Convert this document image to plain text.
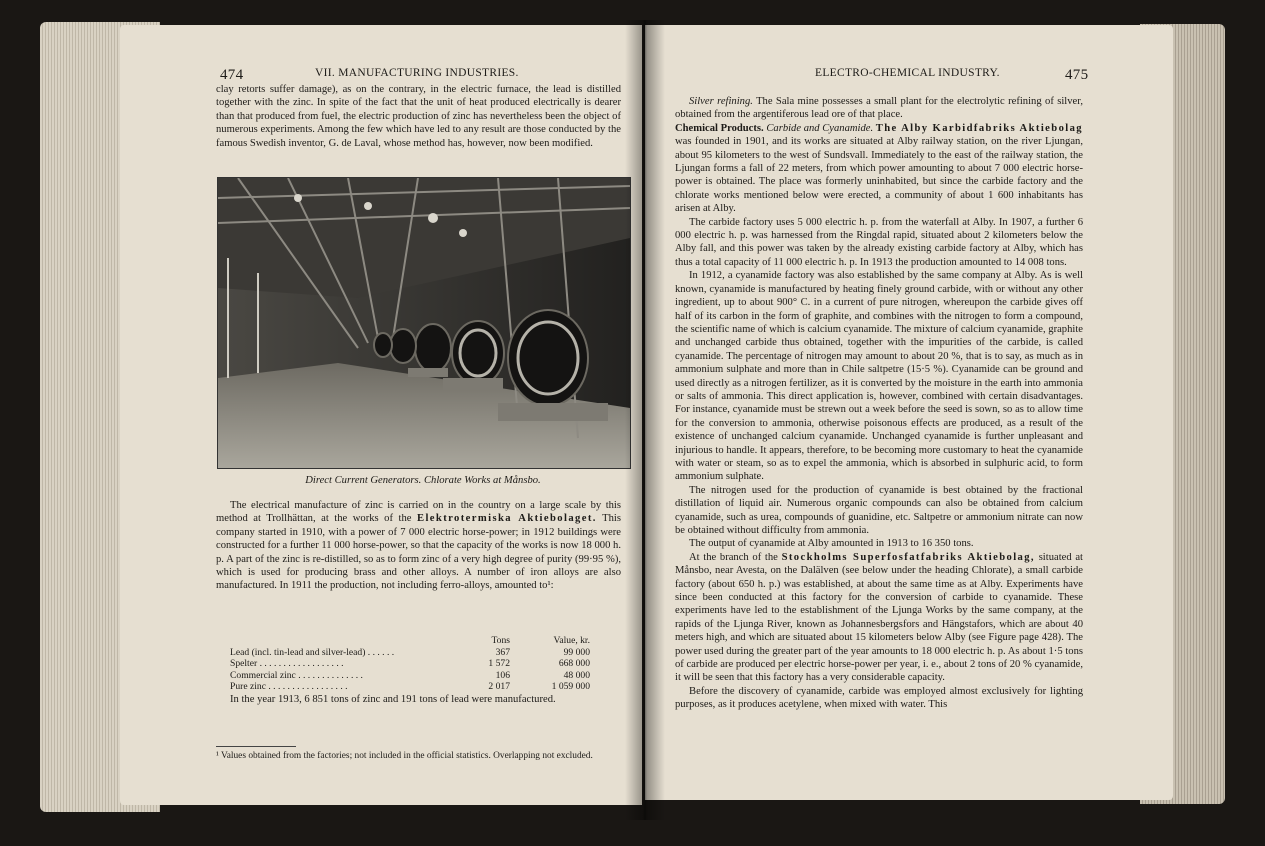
474	VII. MANUFACTURING INDUSTRIES.

clay retorts suffer damage), as on the contrary, in the electric furnace, the lead is distilled together with the zinc. In spite of the fact that the unit of heat produced electrically is dearer than that produced from fuel, the electric production of zinc has nevertheless been the object of numerous experiments. Among the few which have led to any result are those conducted by the famous Swedish inventor, G. de Laval, whose method has, however, now been modified.

Direct Current Generators. Chlorate Works at Månsbo.

The electrical manufacture of zinc is carried on in the country on a large scale by this method at Trollhättan, at the works of the Elektrotermiska Aktiebolaget. This company started in 1910, with a power of 7 000 electric horse-power; in 1912 buildings were constructed for a further 11 000 horse-power, so that the capacity of the works is now 18 000 h. p. A part of the zinc is re-distilled, so as to form zinc of a very high degree of purity (99·95 %), which is used for producing brass and other alloys. A number of iron alloys are also manufactured. In 1911 the production, not including ferro-alloys, amounted to¹:

Tons	Value, kr.
Lead (incl. tin-lead and silver-lead) . . . . . .	367	99 000
Spelter . . . . . . . . . . . . . . . . . .	1 572	668 000
Commercial zinc . . . . . . . . . . . . . .	106	48 000
Pure zinc . . . . . . . . . . . . . . . . .	2 017	1 059 000

In the year 1913, 6 851 tons of zinc and 191 tons of lead were manufactured.

¹ Values obtained from the factories; not included in the official statistics. Overlapping not excluded.
ELECTRO-CHEMICAL INDUSTRY.	475

Silver refining. The Sala mine possesses a small plant for the electrolytic refining of silver, obtained from the argentiferous lead ore of that place.

Chemical Products. Carbide and Cyanamide. The Alby Karbidfabriks Aktiebolag was founded in 1901, and its works are situated at Alby railway station, on the river Ljungan, about 95 kilometers to the west of Sundsvall. Immediately to the east of the railway station, the Ljungan forms a fall of 22 meters, from which power amounting to about 7 000 electric horse-power is obtained. The place was formerly uninhabited, but since the carbide factory and the chlorate works mentioned below were erected, a community of about 1 600 inhabitants has arisen at Alby.

The carbide factory uses 5 000 electric h. p. from the waterfall at Alby. In 1907, a further 6 000 electric h. p. was harnessed from the Ringdal rapid, situated about 2 kilometers below the Alby fall, and this power was taken by the already existing carbide factory at Alby, which has thus a total capacity of 11 000 electric h. p. In 1913 the production amounted to 14 008 tons.

In 1912, a cyanamide factory was also established by the same company at Alby. As is well known, cyanamide is manufactured by heating finely ground carbide, with or without any other ingredient, up to about 900° C. in a current of pure nitrogen, whereupon the carbide gives off half of its carbon in the form of graphite, and combines with the nitrogen to form a compound, the scientific name of which is calcium cyanamide. The mixture of calcium cyanamide, graphite and unchanged carbide thus obtained, together with the impurities of the carbide, is called cyanamide. The percentage of nitrogen may amount to about 20 %, that is to say, as much as in ammonium sulphate and more than in Chile saltpetre (15·5 %). Cyanamide can be ground and used directly as a nitrogen fertilizer, as it is converted by the moisture in the earth into ammonia or salts of ammonia. This direct application is, however, combined with certain disadvantages. For instance, cyanamide must be strewn out a week before the seed is sown, so as to allow time for the conversion to ammonia, otherwise poisonous effects are produced, as a result of the existence of unchanged calcium cyanamide. Unchanged cyanamide is further unpleasant and injurious to handle. It appears, therefore, to be becoming more customary to heat the cyanamide with water or steam, so as to expel the ammonia, which is absorbed in sulphuric acid, to form ammonium sulphate.

The nitrogen used for the production of cyanamide is best obtained by the fractional distillation of liquid air. Numerous organic compounds can also be obtained from calcium cyanamide, such as urea, compounds of guanidine, etc. Saltpetre or ammonium nitrate can now be obtained without difficulty from ammonia.

The output of cyanamide at Alby amounted in 1913 to 16 350 tons.

At the branch of the Stockholms Superfosfatfabriks Aktiebolag, situated at Månsbo, near Avesta, on the Dalälven (see below under the heading Chlorate), a small carbide factory (about 650 h. p.) was established, at about the same time as at Alby. Experiments have since been conducted at this factory for the conversion of carbide to cyanamide. These experiments have led to the establishment of the Ljunga Works by the same company, at the rapids of the Ljunga River, known as Johannesbergsfors and Hängstafors, which are about 40 meters high, and which are situated about 15 kilometers below Alby (see Figure page 428). The power used during the greater part of the year amounts to 18 000 electric h. p. As about 1·5 tons of carbide are produced per electric horse-power per year, i. e., about 2 tons of 20 % cyanamide, it will be seen that this factory has a very considerable capacity.

Before the discovery of cyanamide, carbide was employed almost exclusively for lighting purposes, as it produces acetylene, when mixed with water. This
